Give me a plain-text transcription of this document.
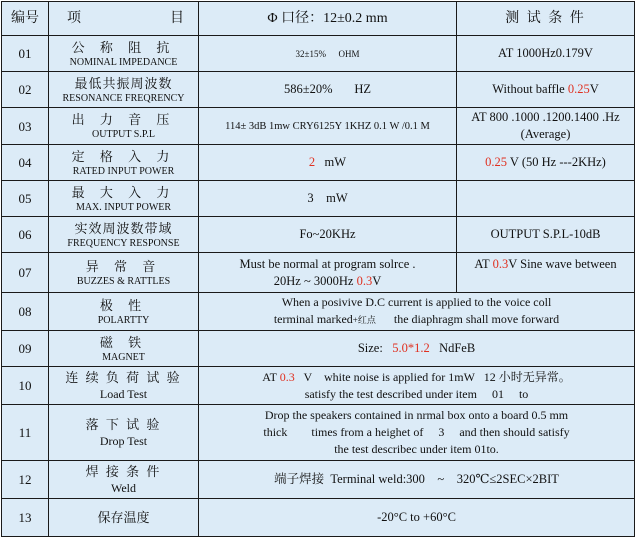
编号	项 目	Φ 口径：12±0.2 mm	测 试 条 件
01	公 称 阻 抗
NOMINAL IMPEDANCE	32±15% OHM	AT 1000Hz0.179V
02	最低共振周波数
RESONANCE FREQRENCY	586±20% HZ	Without baffle 0.25V
03	出 力 音 压
OUTPUT S.P.L	114± 3dB 1mw CRY6125Y 1KHZ 0.1 W /0.1 M	AT 800 .1000 .1200.1400 .Hz
(Average)

04	定 格 入 力
RATED INPUT POWER	2 mW	0.25 V (50 Hz ---2KHz)
05	最 大 入 力
MAX. INPUT POWER	3 mW	
06	实效周波数带域
FREQUENCY RESPONSE	Fo~20KHz	OUTPUT S.P.L-10dB
07	异 常 音
BUZZES & RATTLES	Must be normal at program solrce .
20Hz ~ 3000Hz 0.3V	AT 0.3V Sine wave between
08	极 性
POLARTTY	When a posivive D.C current is applied to the voice coll
terminal marked+红点      the diaphragm shall move forward	

09	磁 铁
MAGNET	Size:   5.0*1.2   NdFeB	
10	连 续 负 荷 试 验
Load Test	AT 0.3   V    white noise is applied for 1mW   12 小时无异常。
satisfy the test described under item     01     to	

11	落 下 试 验
Drop Test	Drop the speakers contained in nrmal box onto a board 0.5 mm
thick        times from a heighet of     3     and then should satisfy
the test describec under item 01to.	

12	焊 接 条 件
Weld	端子焊接  Terminal weld:300    ~    320℃≤2SEC×2BIT	
13	保存温度	-20°C to +60°C	
